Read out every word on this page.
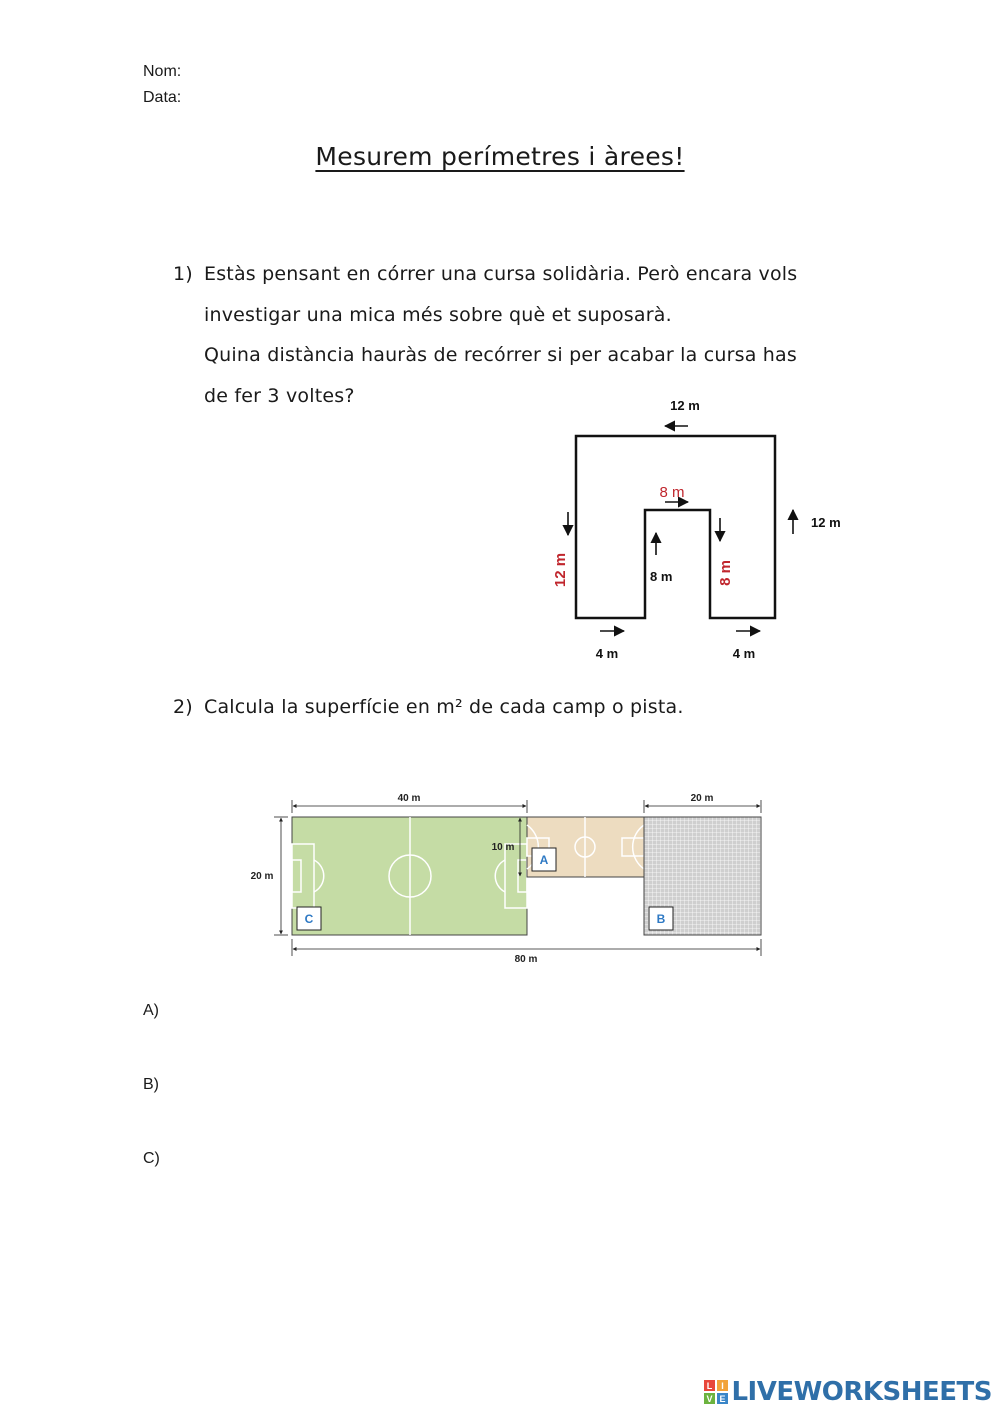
Nom:
Data:
Mesurem perímetres i àrees!
1) Estàs pensant en córrer una cursa solidària. Però encara vols
investigar una mica més sobre què et suposarà.
Quina distància hauràs de recórrer si per acabar la cursa has
de fer 3 voltes?	12 m
12 m
8 m
8 m	8 m
12 m
4 m	4 m
2) Calcula la superfície en m² de cada camp o pista.
C
A
B
40 m	20 m
20 m
10 m
80 m
A)
B)
C)
L I
V E LIVEWORKSHEETS
